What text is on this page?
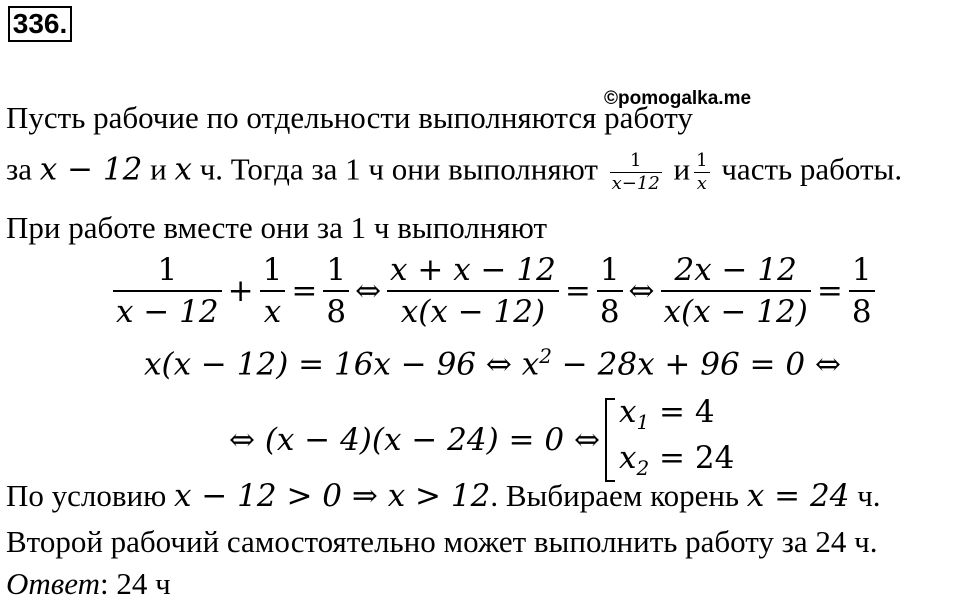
336.
©pomogalka.me
Пусть рабочие по отдельности выполняются работу
за x − 12 и x ч. Тогда за 1 ч они выполняют $\frac{1}{x-12}$ и $\frac{1}{x}$ часть работы.
При работе вместе они за 1 ч выполняют
$\frac{1}{x - 12} + \frac{1}{x} = \frac{1}{8}$ ⇔ $\frac{x + x - 12}{x(x - 12)} = \frac{1}{8}$ ⇔ $\frac{2x - 12}{x(x - 12)} = \frac{1}{8}$
x(x − 12) = 16x − 96 ⇔ $x^2 - 28x + 96 = 0$ ⇔
⇔ (x − 4)(x − 24) = 0 ⇔
$x_1 = 4$
$x_2 = 24$
По условию x − 12 > 0 ⇒ x > 12. Выбираем корень x = 24 ч.
Второй рабочий самостоятельно может выполнить работу за 24 ч.
Ответ: 24 ч
